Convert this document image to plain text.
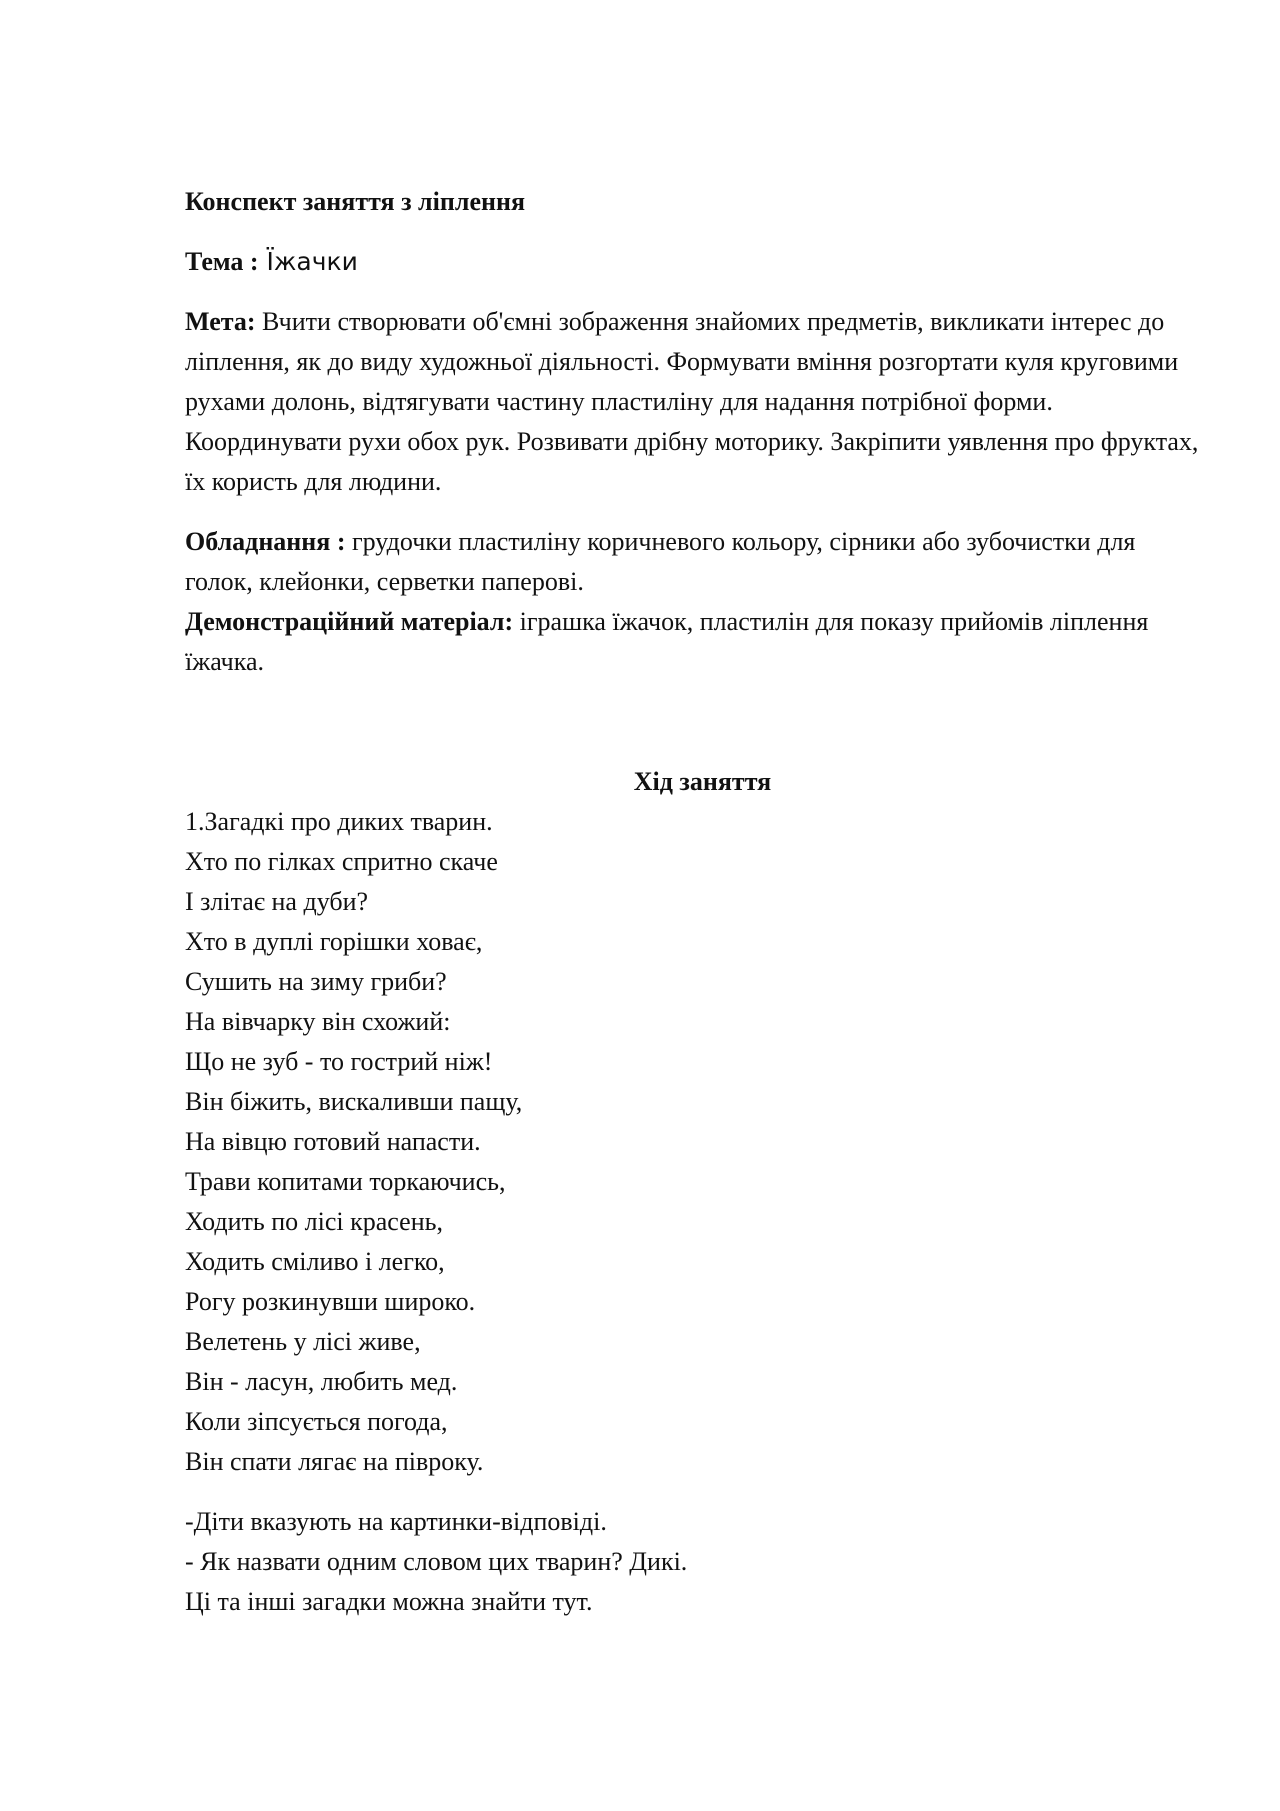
Конспект заняття з ліплення

Тема : Їжачки

Мета: Вчити створювати об'ємні зображення знайомих предметів, викликати інтерес до ліплення, як до виду художньої діяльності. Формувати вміння розгортати куля круговими рухами долонь, відтягувати частину пластиліну для надання потрібної форми. Координувати рухи обох рук. Розвивати дрібну моторику. Закріпити уявлення про фруктах, їх користь для людини.

Обладнання : грудочки пластиліну коричневого кольору, сірники або зубочистки для голок, клейонки, серветки паперові.

Демонстраційний матеріал: іграшка їжачок, пластилін для показу прийомів ліплення їжачка.

Хід заняття

1.Загадкі про диких тварин.

Хто по гілках спритно скаче

І злітає на дуби?

Хто в дуплі горішки ховає,

Сушить на зиму гриби?

На вівчарку він схожий:

Що не зуб - то гострий ніж!

Він біжить, вискаливши пащу,

На вівцю готовий напасти.

Трави копитами торкаючись,

Ходить по лісі красень,

Ходить сміливо і легко,

Рогу розкинувши широко.

Велетень у лісі живе,

Він - ласун, любить мед.

Коли зіпсується погода,

Він спати лягає на півроку.

-Діти вказують на картинки-відповіді.

- Як назвати одним словом цих тварин? Дикі.

Ці та інші загадки можна знайти тут.
